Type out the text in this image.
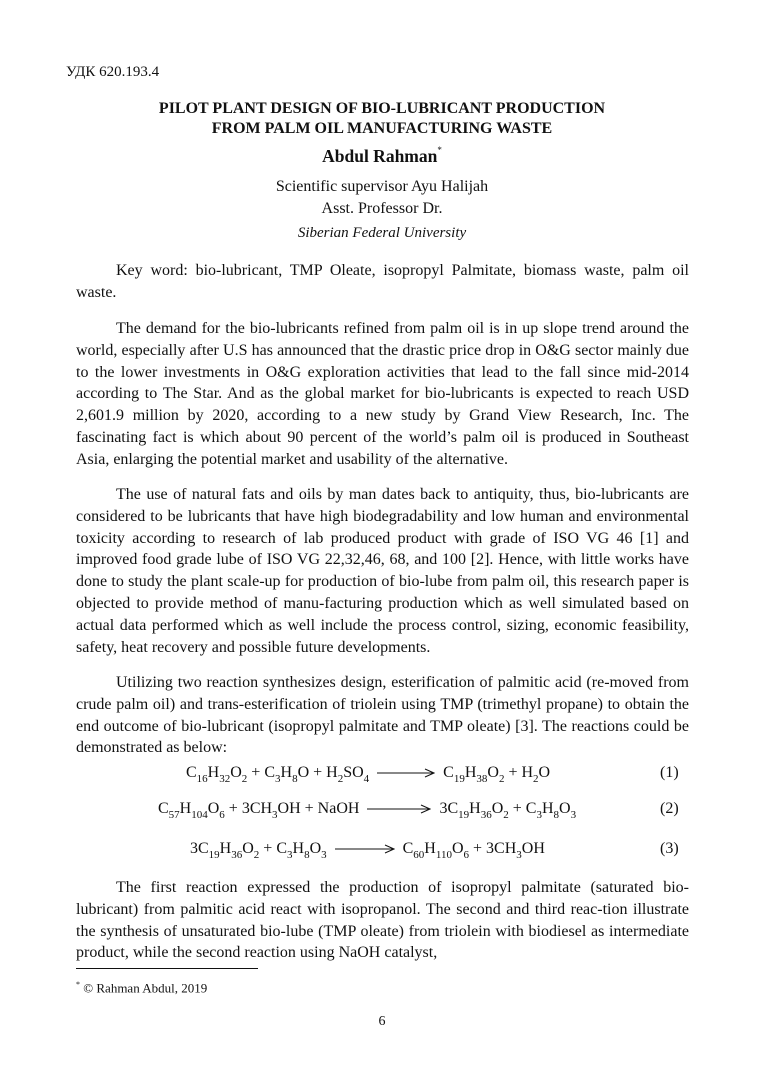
УДК 620.193.4
PILOT PLANT DESIGN OF BIO-LUBRICANT PRODUCTION
FROM PALM OIL MANUFACTURING WASTE
Abdul Rahman*
Scientific supervisor Ayu Halijah
Asst. Professor Dr.
Siberian Federal University

Key word: bio-lubricant, TMP Oleate, isopropyl Palmitate, biomass waste, palm oil waste.

The demand for the bio-lubricants refined from palm oil is in up slope trend around the world, especially after U.S has announced that the drastic price drop in O&G sector mainly due to the lower investments in O&G exploration activities that lead to the fall since mid-2014 according to The Star. And as the global market for bio-lubricants is expected to reach USD 2,601.9 million by 2020, according to a new study by Grand View Research, Inc. The fascinating fact is which about 90 percent of the world’s palm oil is produced in Southeast Asia, enlarging the potential market and usability of the alternative.

The use of natural fats and oils by man dates back to antiquity, thus, bio-lubricants are considered to be lubricants that have high biodegradability and low human and environmental toxicity according to research of lab produced product with grade of ISO VG 46 [1] and improved food grade lube of ISO VG 22,32,46, 68, and 100 [2]. Hence, with little works have done to study the plant scale-up for production of bio-lube from palm oil, this research paper is objected to provide method of manu-facturing production which as well simulated based on actual data performed which as well include the process control, sizing, economic feasibility, safety, heat recovery and possible future developments.

Utilizing two reaction synthesizes design, esterification of palmitic acid (re-moved from crude palm oil) and trans-esterification of triolein using TMP (trimethyl propane) to obtain the end outcome of bio-lubricant (isopropyl palmitate and TMP oleate) [3]. The reactions could be demonstrated as below:

$C_{16}H_{32}O_2 + C_3H_8O + H_2SO_4 \to C_{19}H_{38}O_2 + H_2O$	(1)
$C_{57}H_{104}O_6 + 3CH_3OH$ + NaOH → $3C_{19}H_{36}O_2 + C_3H_8O_3$	(2)
$3C_{19}H_{36}O_2 + C_3H_8O_3 \to C_{60}H_{110}O_6 + 3CH_3OH$	(3)

The first reaction expressed the production of isopropyl palmitate (saturated bio-lubricant) from palmitic acid react with isopropanol. The second and third reac-tion illustrate the synthesis of unsaturated bio-lube (TMP oleate) from triolein with biodiesel as intermediate product, while the second reaction using NaOH catalyst,

* © Rahman Abdul, 2019
6
